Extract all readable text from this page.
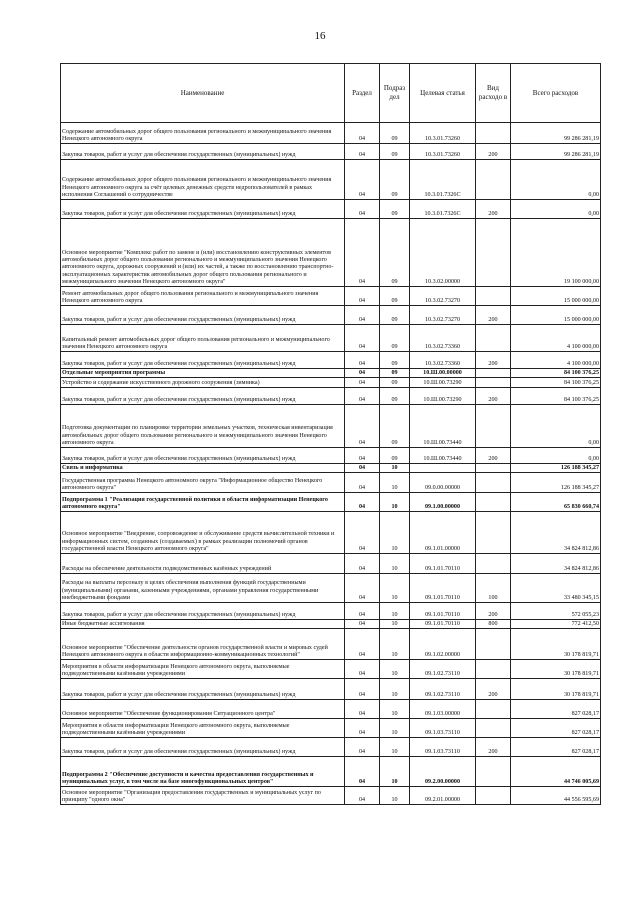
16
Наименование	Раздел	Подраз дел	Целевая статья	Вид расходо в	Всего расходов
Содержание автомобильных дорог общего пользования регионального и межмуниципального значения Ненецкого автономного округа	04	09	10.3.01.73260		99 286 281,19
Закупка товаров, работ и услуг для обеспечения государственных (муниципальных) нужд	04	09	10.3.01.73260	200	99 286 281,19
Содержание автомобильных дорог общего пользования регионального и межмуниципального значения Ненецкого автономного округа за счёт целевых денежных средств недропользователей в рамках исполнения Соглашений о сотрудничестве	04	09	10.3.01.7326С		0,00
Закупка товаров, работ и услуг для обеспечения государственных (муниципальных) нужд	04	09	10.3.01.7326С	200	0,00
Основное мероприятие "Комплекс работ по замене и (или) восстановлению конструктивных элементов автомобильных дорог общего пользования регионального и межмуниципального значения Ненецкого автономного округа, дорожных сооружений и (или) их частей, а также по восстановлению транспортно-эксплуатационных характеристик автомобильных дорог общего пользования регионального и межмуниципального значения Ненецкого автономного округа"	04	09	10.3.02.00000		19 100 000,00
Ремонт автомобильных дорог общего пользования регионального и межмуниципального значения Ненецкого автономного округа	04	09	10.3.02.73270		15 000 000,00
Закупка товаров, работ и услуг для обеспечения государственных (муниципальных) нужд	04	09	10.3.02.73270	200	15 000 000,00
Капитальный ремонт автомобильных дорог общего пользования регионального и межмуниципального значения Ненецкого автономного округа	04	09	10.3.02.73360		4 100 000,00
Закупка товаров, работ и услуг для обеспечения государственных (муниципальных) нужд	04	09	10.3.02.73360	200	4 100 000,00
Отдельные мероприятия программы	04	09	10.Ш.00.00000		84 100 376,25
Устройство и содержание искусственного дорожного сооружения (зимника)	04	09	10.Ш.00.73290		84 100 376,25
Закупка товаров, работ и услуг для обеспечения государственных (муниципальных) нужд	04	09	10.Ш.00.73290	200	84 100 376,25
Подготовка документации по планировке территории земельных участков, техническая инвентаризация автомобильных дорог общего пользования регионального и межмуниципального значения Ненецкого автономного округа	04	09	10.Ш.00.73440		0,00
Закупка товаров, работ и услуг для обеспечения государственных (муниципальных) нужд	04	09	10.Ш.00.73440	200	0,00
Связь и информатика	04	10			126 188 345,27
Государственная программа Ненецкого автономного округа "Информационное общество Ненецкого автономного округа"	04	10	09.0.00.00000		126 188 345,27
Подпрограмма 1 "Реализация государственной политики в области информатизации Ненецкого автономного округа"	04	10	09.1.00.00000		65 830 660,74
Основное мероприятие "Внедрение, сопровождение и обслуживание средств вычислительной техники и информационных систем, созданных (создаваемых) в рамках реализации полномочий органов государственной власти Ненецкого автономного округа"	04	10	09.1.01.00000		34 824 812,86
Расходы на обеспечение деятельности подведомственных казённых учреждений	04	10	09.1.01.70110		34 824 812,86
Расходы на выплаты персоналу в целях обеспечения выполнения функций государственными (муниципальными) органами, казенными учреждениями, органами управления государственными внебюджетными фондами	04	10	09.1.01.70110	100	33 480 345,15
Закупка товаров, работ и услуг для обеспечения государственных (муниципальных) нужд	04	10	09.1.01.70110	200	572 055,23
Иные бюджетные ассигнования	04	10	09.1.01.70110	800	772 412,50
Основное мероприятие "Обеспечение деятельности органов государственной власти и мировых судей Ненецкого автономного округа в области информационно-коммуникационных технологий"	04	10	09.1.02.00000		30 178 819,71
Мероприятия в области информатизации Ненецкого автономного округа, выполняемые подведомственными казёнными учреждениями	04	10	09.1.02.73110		30 178 819,71
Закупка товаров, работ и услуг для обеспечения государственных (муниципальных) нужд	04	10	09.1.02.73110	200	30 178 819,71
Основное мероприятие "Обеспечение функционирования Ситуационного центра"	04	10	09.1.03.00000		827 028,17
Мероприятия в области информатизации Ненецкого автономного округа, выполняемые подведомственными казёнными учреждениями	04	10	09.1.03.73110		827 028,17
Закупка товаров, работ и услуг для обеспечения государственных (муниципальных) нужд	04	10	09.1.03.73110	200	827 028,17
Подпрограмма 2 "Обеспечение доступности и качества предоставления государственных и муниципальных услуг, в том числе на базе многофункциональных центров"	04	10	09.2.00.00000		44 746 005,69
Основное мероприятие "Организация предоставления государственных и муниципальных услуг по принципу "одного окна"	04	10	09.2.01.00000		44 556 595,69
